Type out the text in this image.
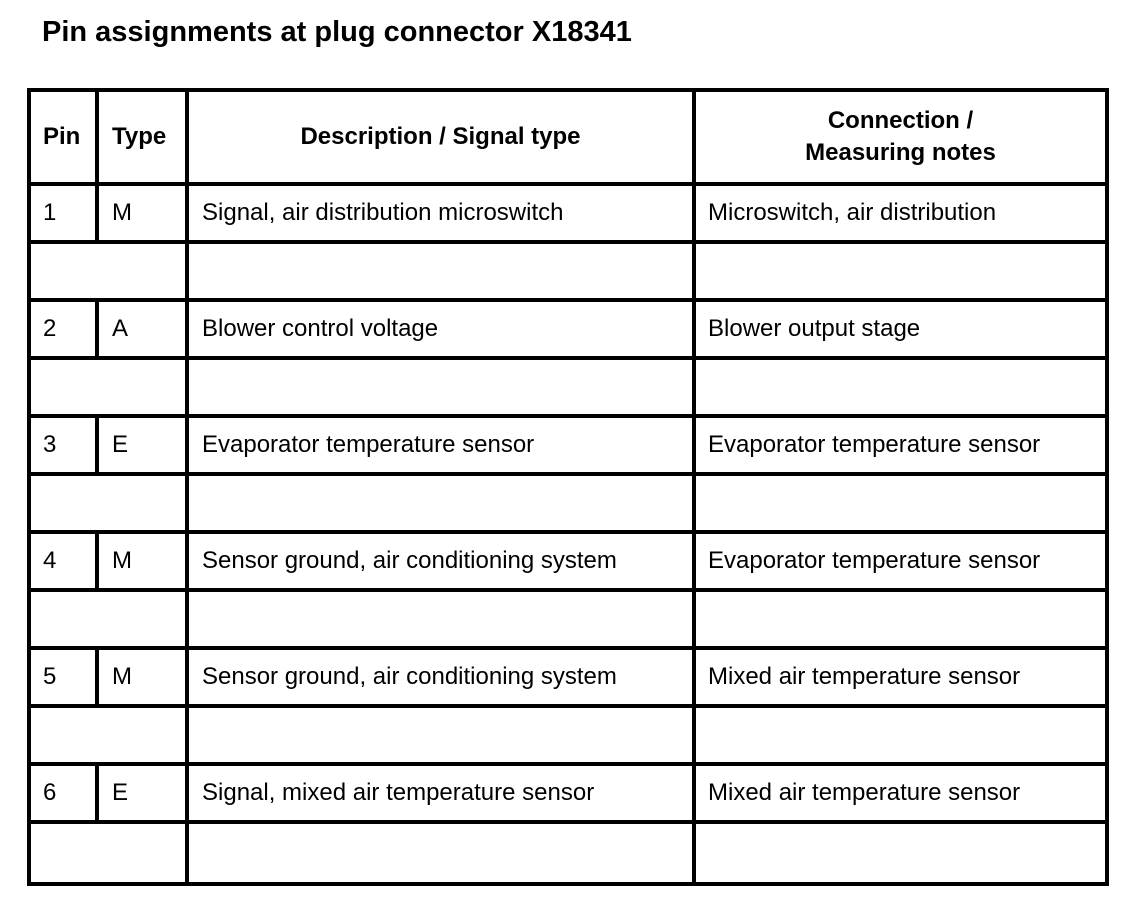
Pin assignments at plug connector X18341
Pin	Type	Description / Signal type	Connection /
Measuring notes
1	M	Signal, air distribution microswitch	Microswitch, air distribution

2	A	Blower control voltage	Blower output stage

3	E	Evaporator temperature sensor	Evaporator temperature sensor

4	M	Sensor ground, air conditioning system	Evaporator temperature sensor

5	M	Sensor ground, air conditioning system	Mixed air temperature sensor

6	E	Signal, mixed air temperature sensor	Mixed air temperature sensor
